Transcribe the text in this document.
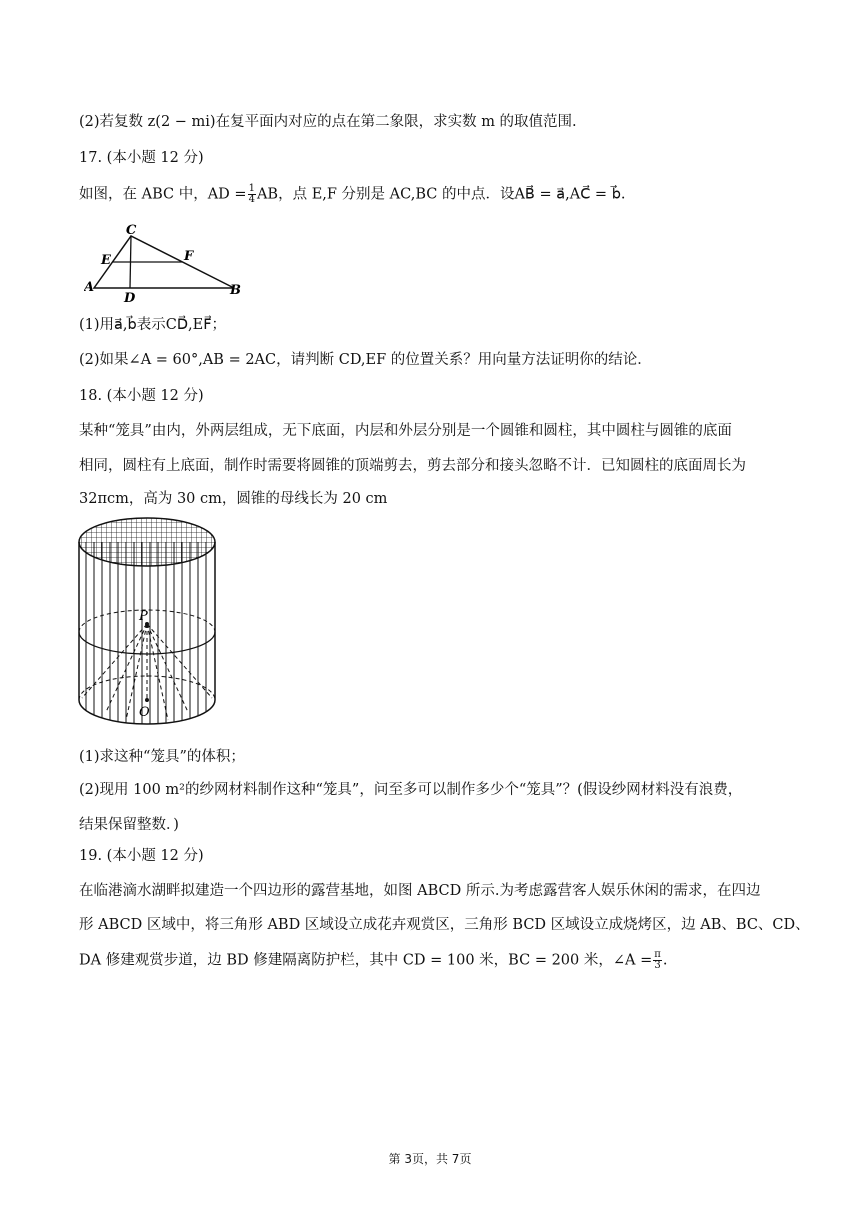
(2)若复数 z(2 − mi)在复平面内对应的点在第二象限，求实数 m 的取值范围.
17. (本小题 12 分)
如图，在 ABC 中，AD = $\frac{1}{4}$ AB，点 E,F 分别是 AC,BC 的中点．设AB⃗ = a⃗,AC⃗ = b⃗.
C
F
E
A
D
B
(1)用a⃗,b⃗表示CD⃗,EF⃗；
(2)如果∠A = 60°,AB = 2AC，请判断 CD,EF 的位置关系？用向量方法证明你的结论．
18. (本小题 12 分)
某种“笼具”由内，外两层组成，无下底面，内层和外层分别是一个圆锥和圆柱，其中圆柱与圆锥的底面
相同，圆柱有上底面，制作时需要将圆锥的顶端剪去，剪去部分和接头忽略不计．已知圆柱的底面周长为
32πcm，高为 30 cm，圆锥的母线长为 20 cm
P
O
(1)求这种“笼具”的体积；
(2)现用 100 m²的纱网材料制作这种“笼具”，问至多可以制作多少个“笼具”？(假设纱网材料没有浪费，
结果保留整数．)
19. (本小题 12 分)
在临港滴水湖畔拟建造一个四边形的露营基地，如图 ABCD 所示.为考虑露营客人娱乐休闲的需求，在四边
形 ABCD 区域中，将三角形 ABD 区域设立成花卉观赏区，三角形 BCD 区域设立成烧烤区，边 AB、BC、CD、
DA 修建观赏步道，边 BD 修建隔离防护栏，其中 CD = 100 米，BC = 200 米，∠A = $\frac{\pi}{3}$ .
第 3页，共 7页
